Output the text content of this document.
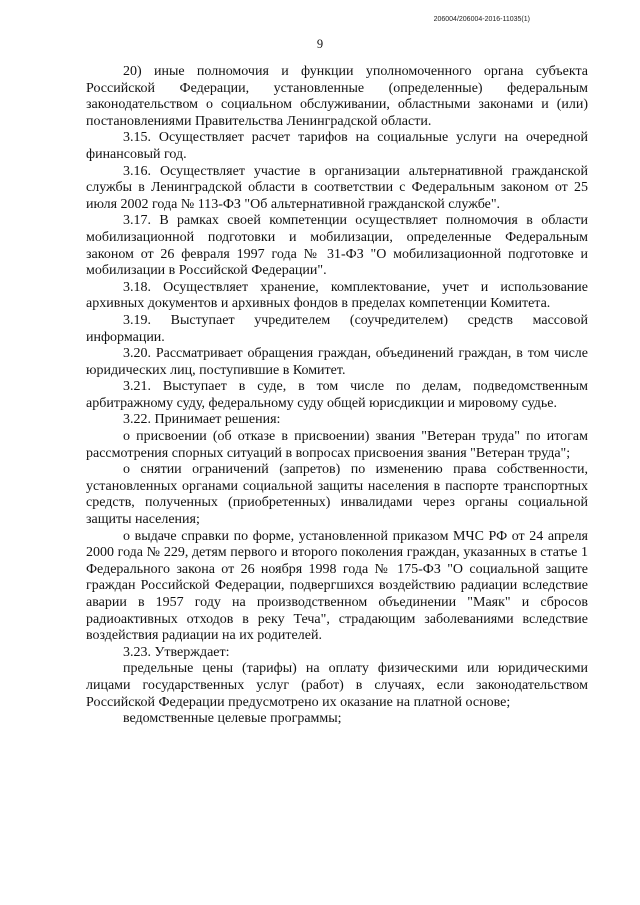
206004/206004-2016-11035(1)
9

20) иные полномочия и функции уполномоченного органа субъекта Российской Федерации, установленные (определенные) федеральным законодательством о социальном обслуживании, областными законами и (или) постановлениями Правительства Ленинградской области.

3.15. Осуществляет расчет тарифов на социальные услуги на очередной финансовый год.

3.16. Осуществляет участие в организации альтернативной гражданской службы в Ленинградской области в соответствии с Федеральным законом от 25 июля 2002 года № 113-ФЗ "Об альтернативной гражданской службе".

3.17. В рамках своей компетенции осуществляет полномочия в области мобилизационной подготовки и мобилизации, определенные Федеральным законом от 26 февраля 1997 года № 31-ФЗ "О мобилизационной подготовке и мобилизации в Российской Федерации".

3.18. Осуществляет хранение, комплектование, учет и использование архивных документов и архивных фондов в пределах компетенции Комитета.

3.19. Выступает учредителем (соучредителем) средств массовой информации.

3.20. Рассматривает обращения граждан, объединений граждан, в том числе юридических лиц, поступившие в Комитет.

3.21. Выступает в суде, в том числе по делам, подведомственным арбитражному суду, федеральному суду общей юрисдикции и мировому судье.

3.22. Принимает решения:

о присвоении (об отказе в присвоении) звания "Ветеран труда" по итогам рассмотрения спорных ситуаций в вопросах присвоения звания "Ветеран труда";

о снятии ограничений (запретов) по изменению права собственности, установленных органами социальной защиты населения в паспорте транспортных средств, полученных (приобретенных) инвалидами через органы социальной защиты населения;

о выдаче справки по форме, установленной приказом МЧС РФ от 24 апреля 2000 года № 229, детям первого и второго поколения граждан, указанных в статье 1 Федерального закона от 26 ноября 1998 года № 175-ФЗ "О социальной защите граждан Российской Федерации, подвергшихся воздействию радиации вследствие аварии в 1957 году на производственном объединении "Маяк" и сбросов радиоактивных отходов в реку Теча", страдающим заболеваниями вследствие воздействия радиации на их родителей.

3.23. Утверждает:

предельные цены (тарифы) на оплату физическими или юридическими лицами государственных услуг (работ) в случаях, если законодательством Российской Федерации предусмотрено их оказание на платной основе;

ведомственные целевые программы;
